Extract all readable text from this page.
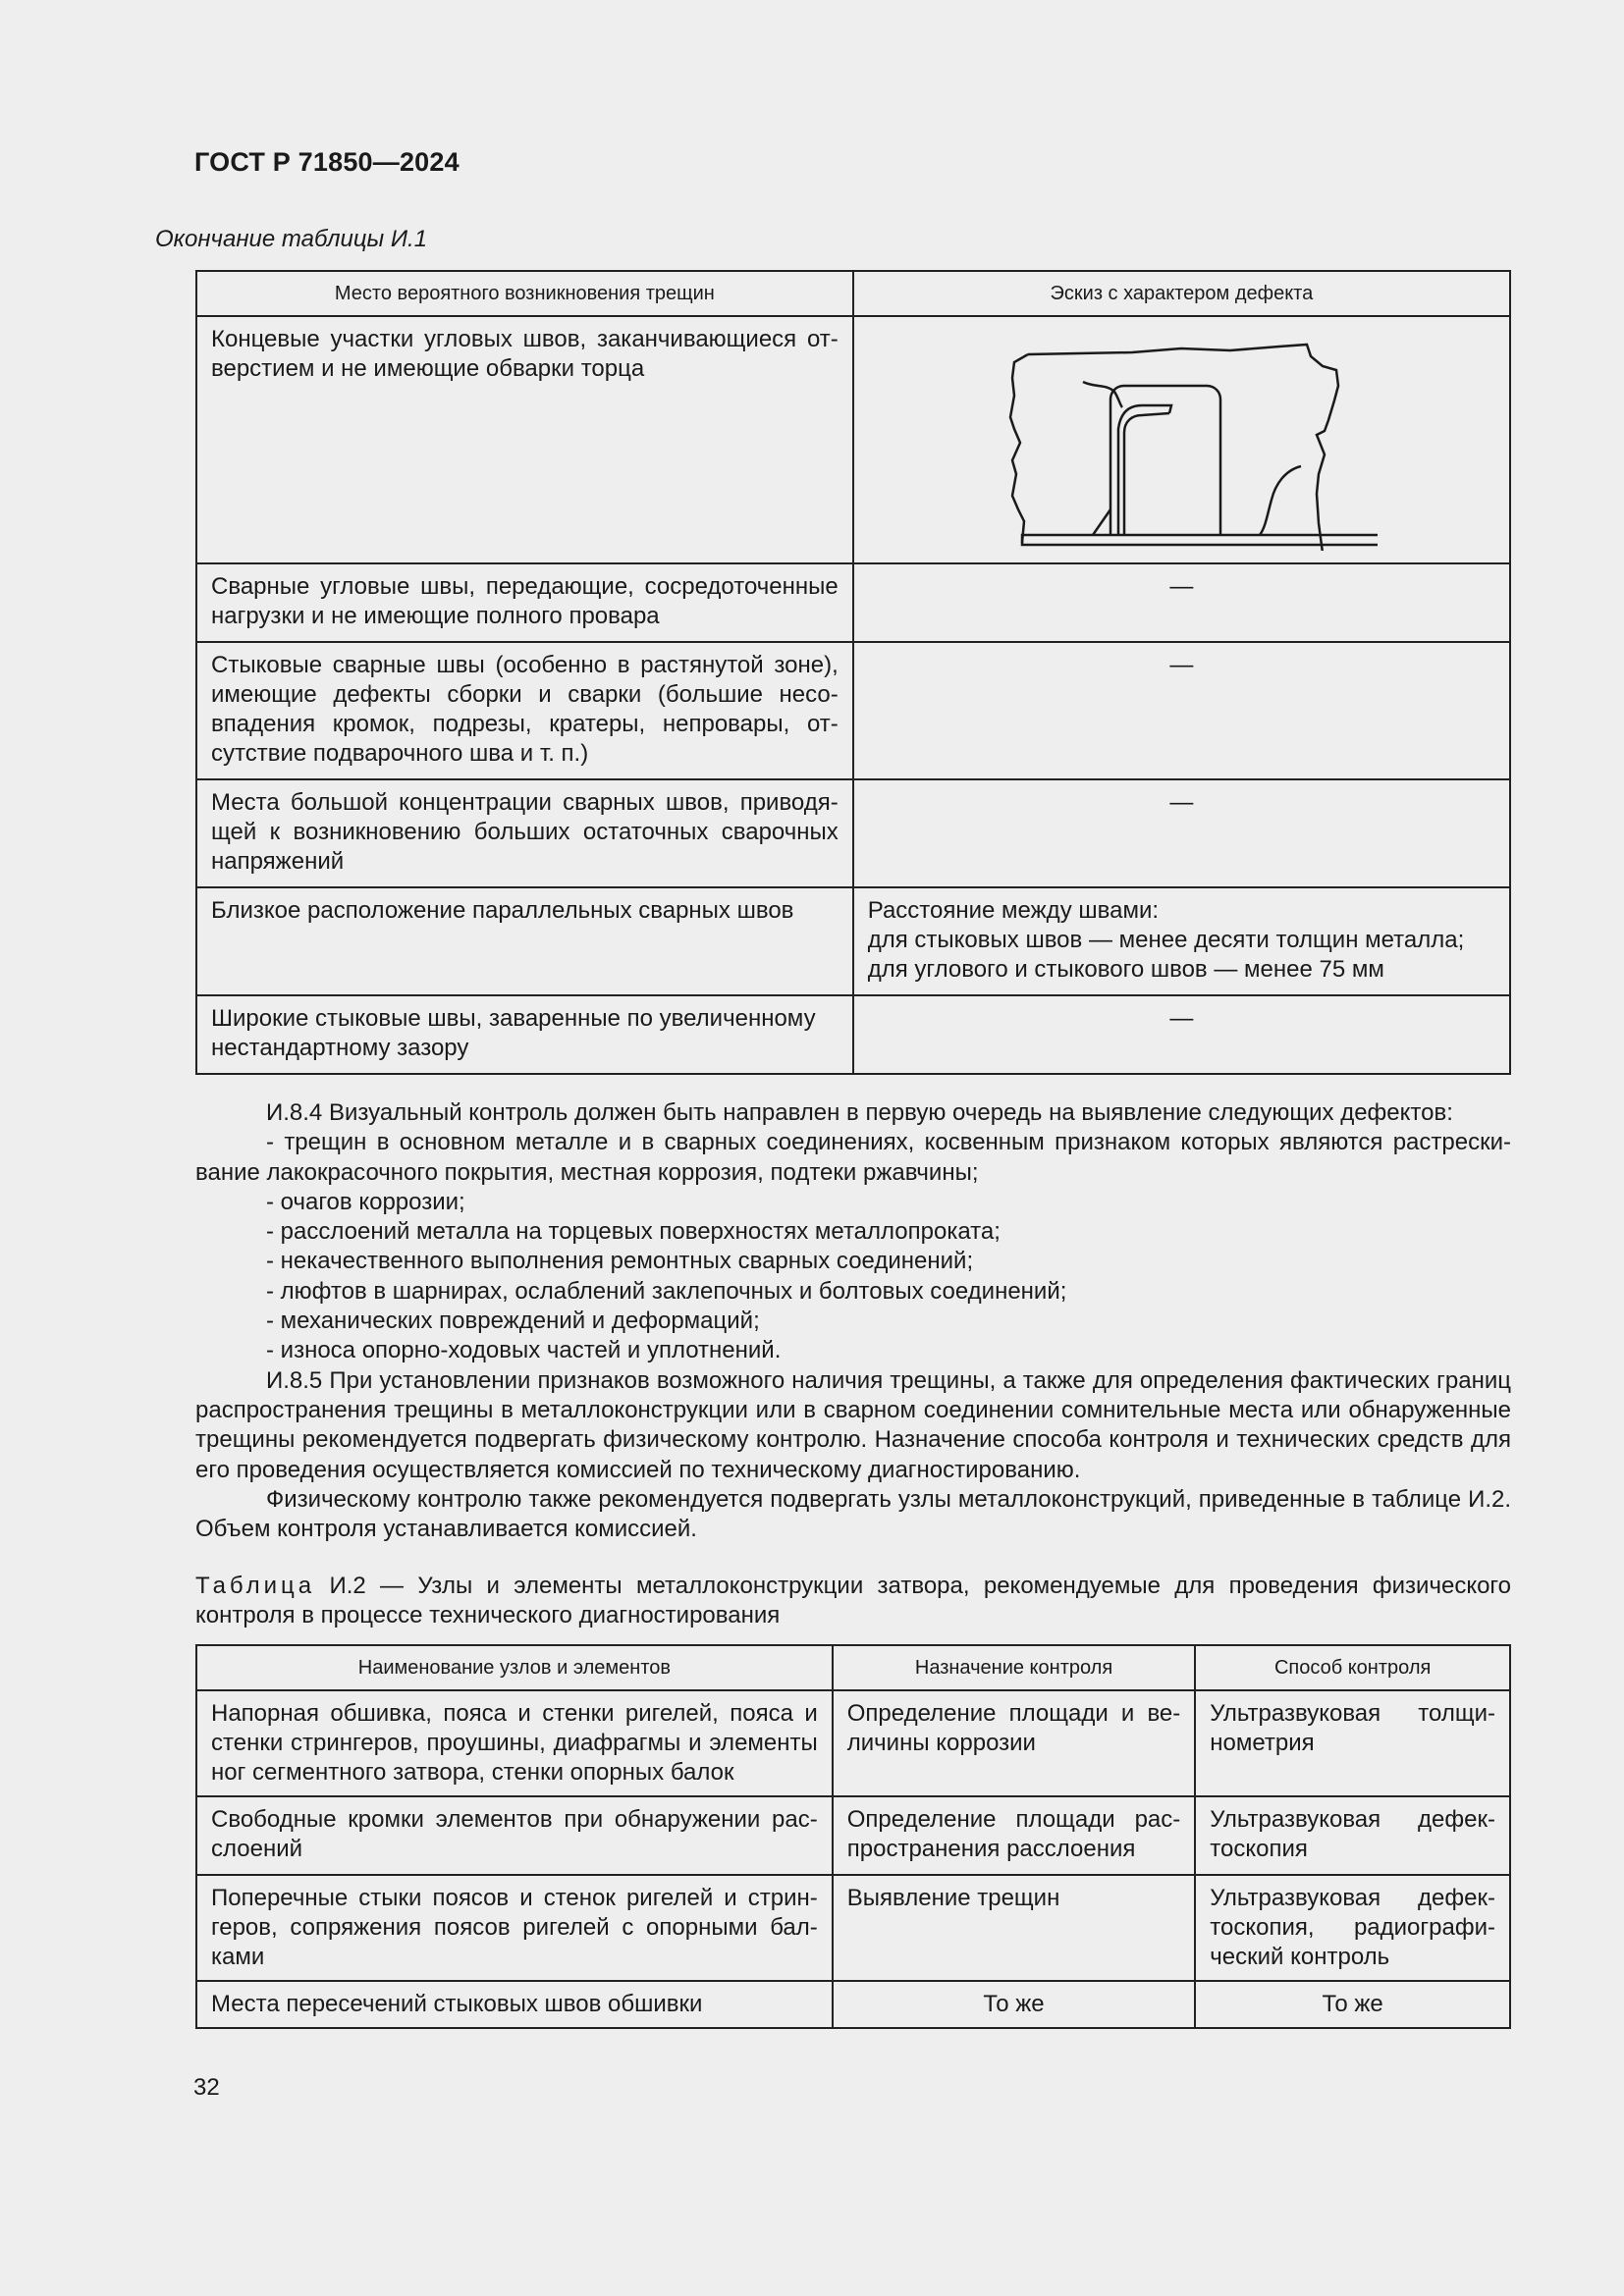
ГОСТ Р 71850—2024
Окончание таблицы И.1
Место вероятного возникновения трещин	Эскиз с характером дефекта
Концевые участки угловых швов, заканчивающиеся отверстием и не имеющие обварки торца	
Сварные угловые швы, передающие, сосредоточенные нагрузки и не имеющие полного провара	—
Стыковые сварные швы (особенно в растянутой зоне), имеющие дефекты сборки и сварки (большие несовпадения кромок, подрезы, кратеры, непровары, отсутствие подварочного шва и т. п.)	—
Места большой концентрации сварных швов, приводящей к возникновению больших остаточных сварочных напряжений	—
Близкое расположение параллельных сварных швов	Расстояние между швами:
для стыковых швов — менее десяти толщин металла;
для углового и стыкового швов — менее 75 мм

Широкие стыковые швы, заваренные по увеличенному нестандартному зазору	—

И.8.4 Визуальный контроль должен быть направлен в первую очередь на выявление следующих дефектов:

- трещин в основном металле и в сварных соединениях, косвенным признаком которых являются растрескивание лакокрасочного покрытия, местная коррозия, подтеки ржавчины;

- очагов коррозии;

- расслоений металла на торцевых поверхностях металлопроката;

- некачественного выполнения ремонтных сварных соединений;

- люфтов в шарнирах, ослаблений заклепочных и болтовых соединений;

- механических повреждений и деформаций;

- износа опорно-ходовых частей и уплотнений.

И.8.5 При установлении признаков возможного наличия трещины, а также для определения фактических границ распространения трещины в металлоконструкции или в сварном соединении сомнительные места или обнаруженные трещины рекомендуется подвергать физическому контролю. Назначение способа контроля и технических средств для его проведения осуществляется комиссией по техническому диагностированию.

Физическому контролю также рекомендуется подвергать узлы металлоконструкций, приведенные в таблице И.2. Объем контроля устанавливается комиссией.

Таблица И.2 — Узлы и элементы металлоконструкции затвора, рекомендуемые для проведения физического контроля в процессе технического диагностирования
Наименование узлов и элементов	Назначение контроля	Способ контроля
Напорная обшивка, пояса и стенки ригелей, пояса и стенки стрингеров, проушины, диафрагмы и элементы ног сегментного затвора, стенки опорных балок	Определение площади и величины коррозии	Ультразвуковая толщинометрия
Свободные кромки элементов при обнаружении расслоений	Определение площади распространения расслоения	Ультразвуковая дефектоскопия
Поперечные стыки поясов и стенок ригелей и стрингеров, сопряжения поясов ригелей с опорными балками	Выявление трещин	Ультразвуковая дефектоскопия, радиографический контроль
Места пересечений стыковых швов обшивки	То же	То же
32
